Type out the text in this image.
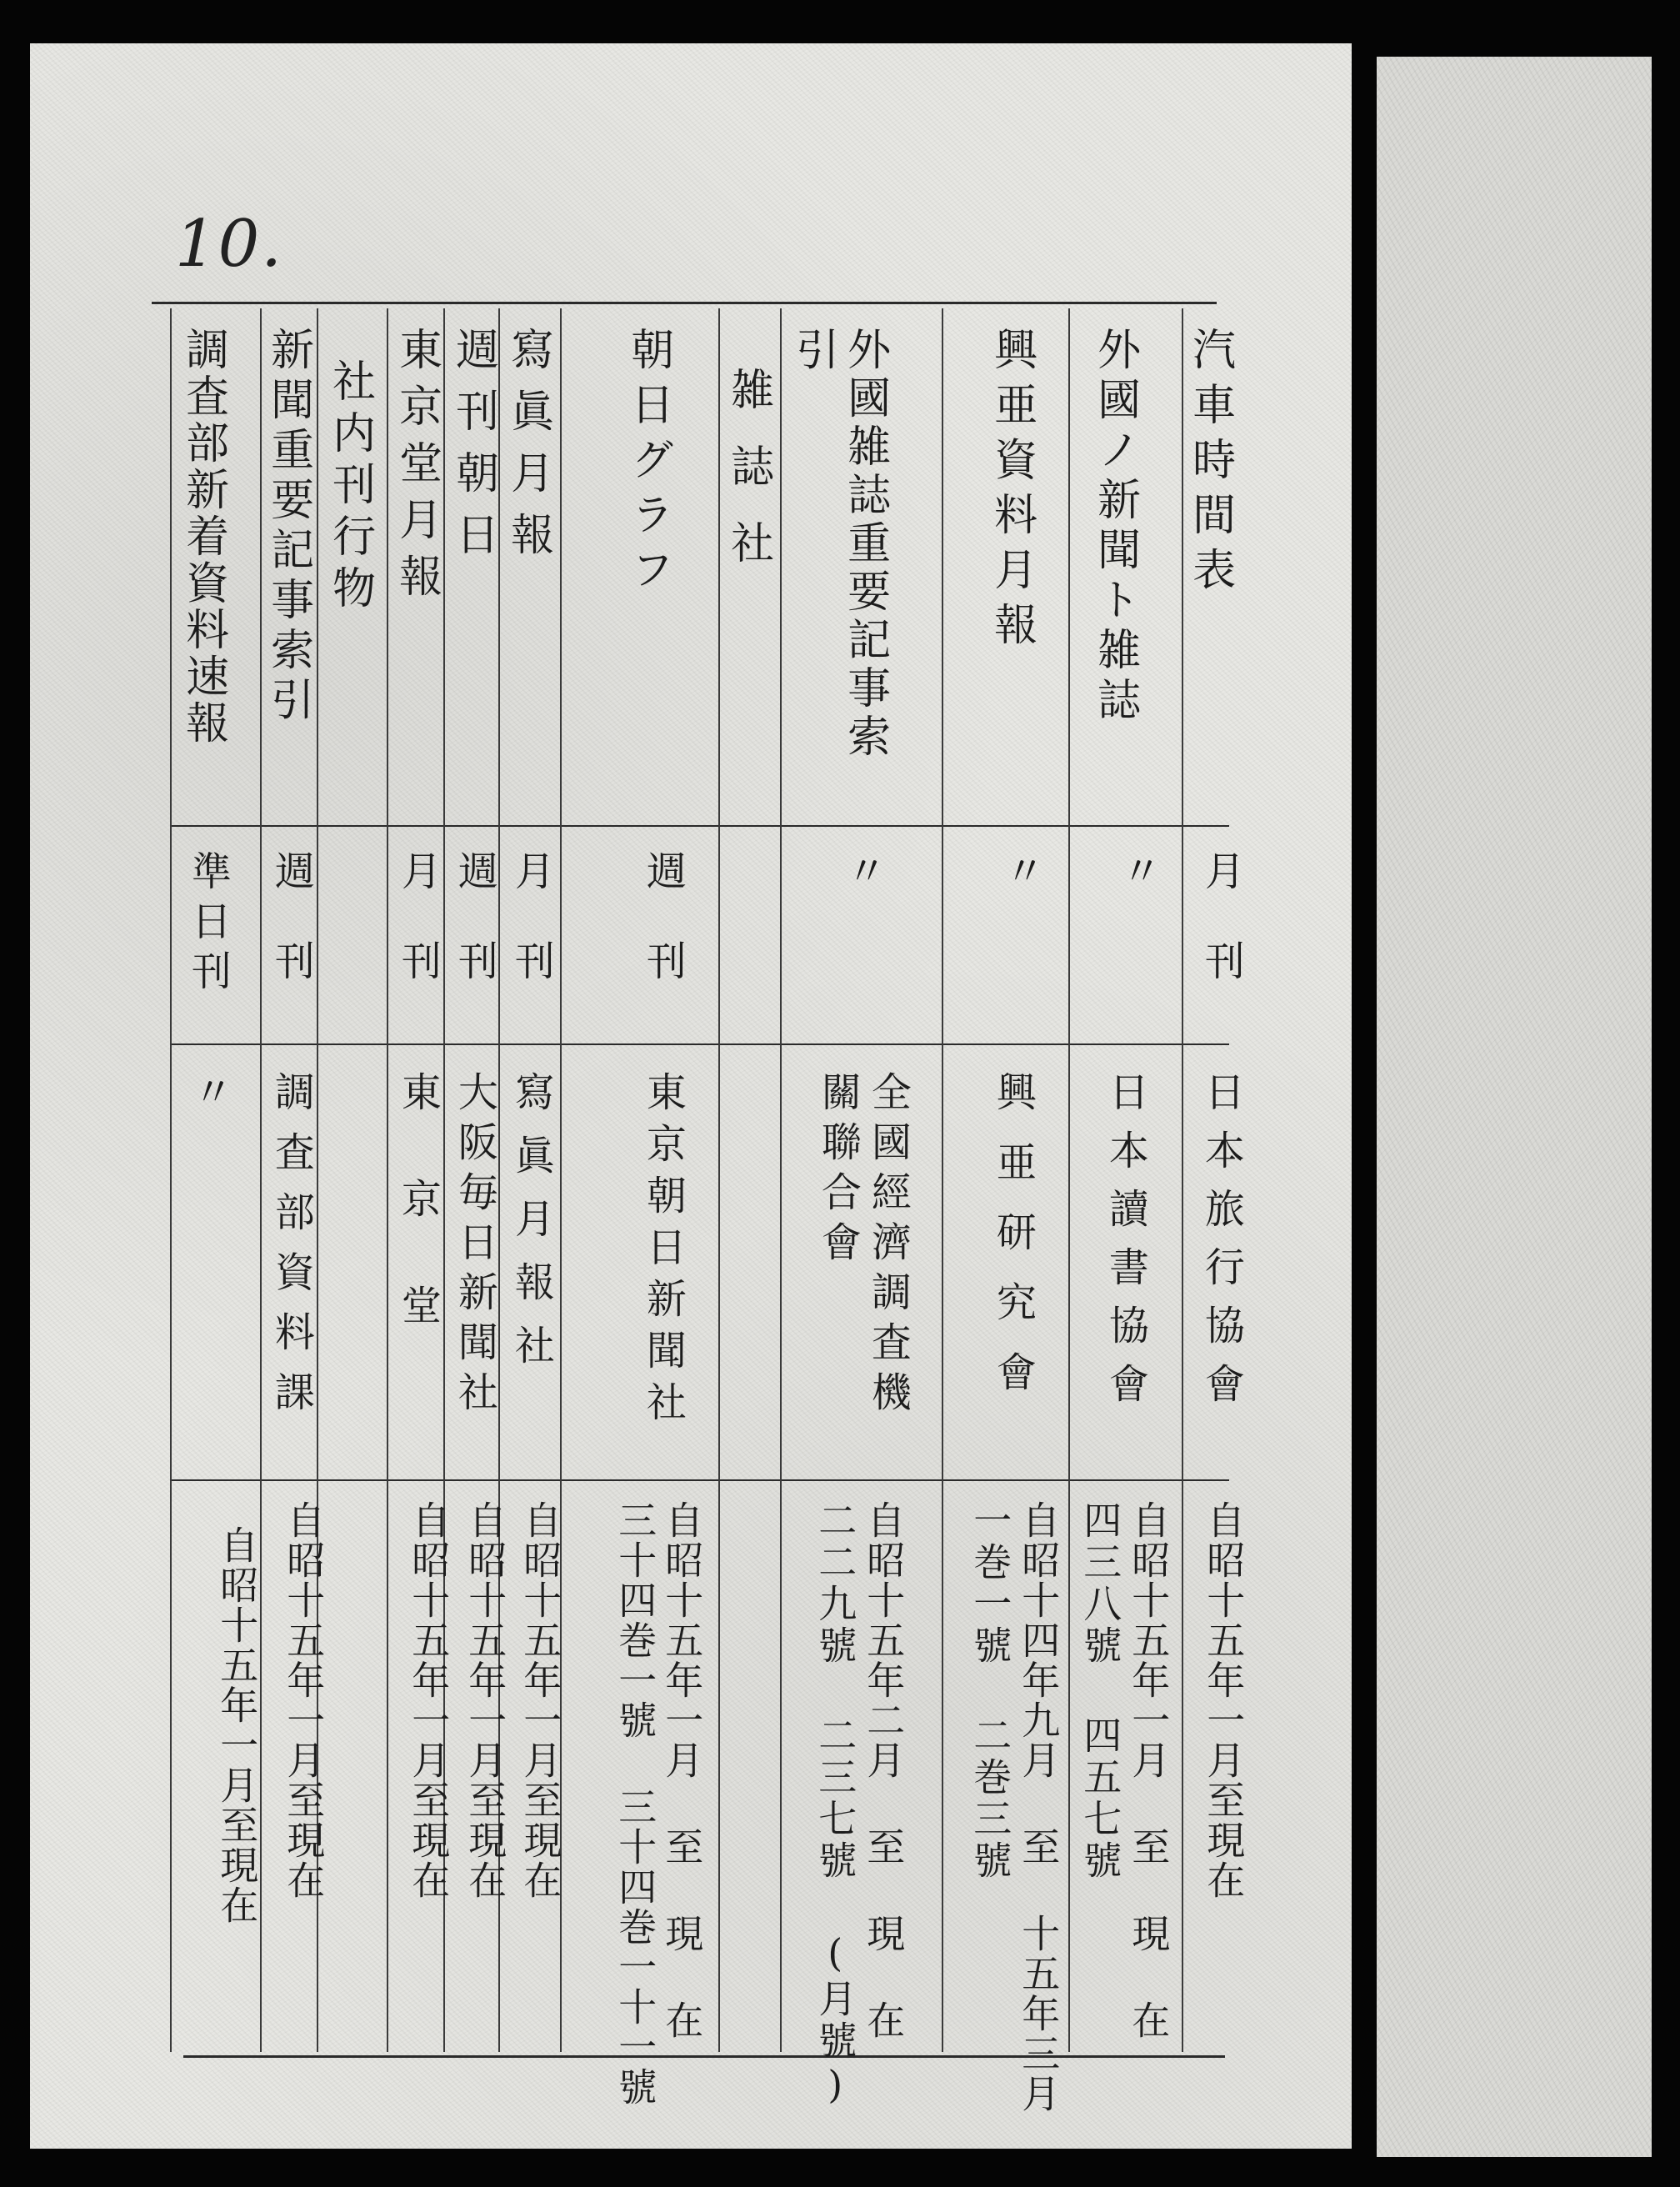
10.
汽車時間表
月刊
日本旅行協會
自昭十五年一月至現在
外國ノ新聞ト雑誌
〃
日本讀書協會
自昭十五年一月 至 現 在
四三八號 四五七號
興亜資料月報
〃
興亜研究會
自昭十四年九月 至 十五年三月
一巻一號 二巻三號
外國雑誌重要記事索
引
〃
全國經濟調査機
關聯合會
自昭十五年二月 至 現 在
二二九號 二三七號 (月號)
雑誌社
朝日グラフ
週刊
東京朝日新聞社
自昭十五年一月 至 現 在
三十四巻一號 三十四巻一十一號
寫眞月報
月刊
寫眞月報社
自昭十五年一月至現在
週刊朝日
週刊
大阪毎日新聞社
自昭十五年一月至現在
東京堂月報
月刊
東京堂
自昭十五年一月至現在
社内刊行物
新聞重要記事索引
週刊
調査部資料課
自昭十五年一月至現在
調査部新着資料速報
準日刊
〃
自昭十五年一月至現在
